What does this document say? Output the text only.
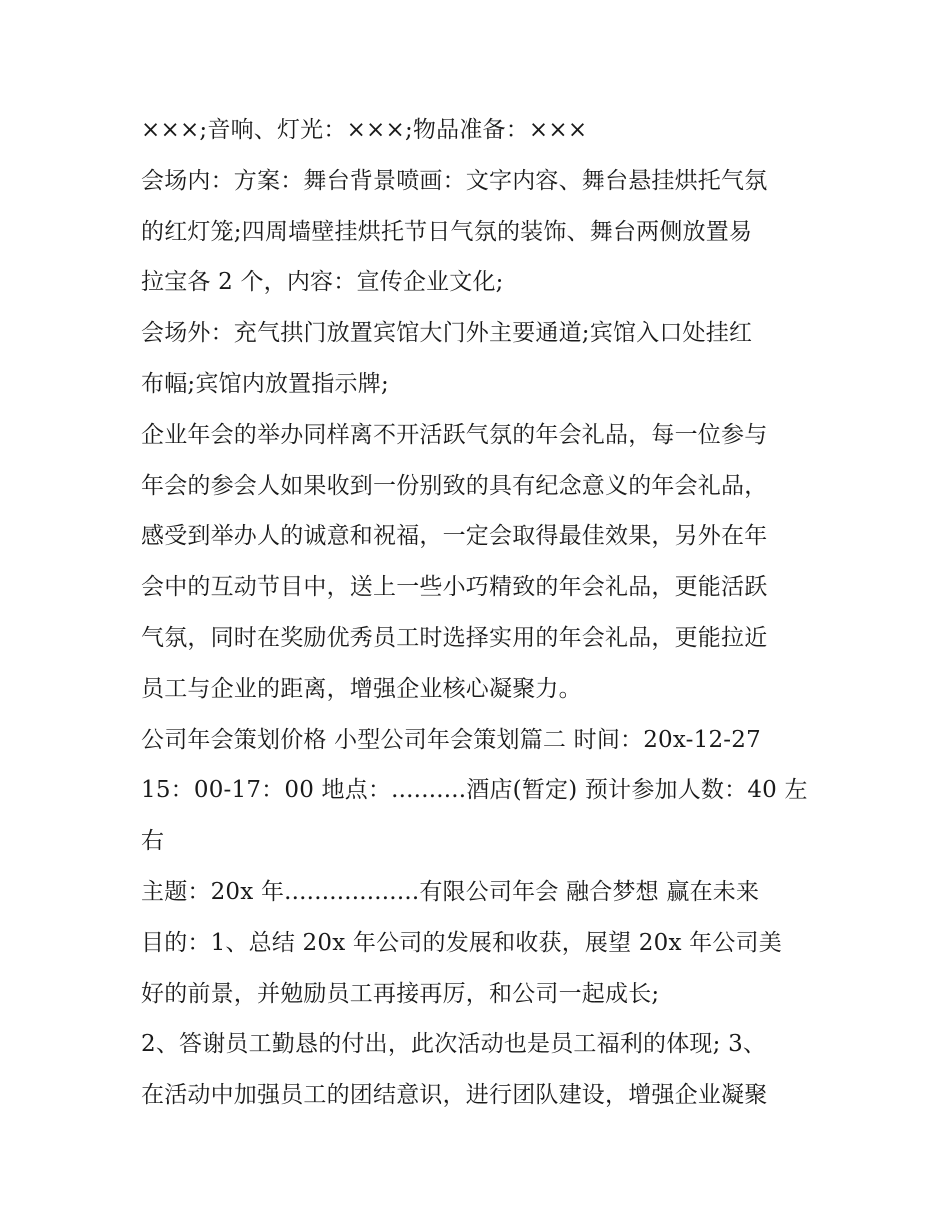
×××;音响、灯光：×××;物品准备：×××
会场内：方案：舞台背景喷画：文字内容、舞台悬挂烘托气氛
的红灯笼;四周墙壁挂烘托节日气氛的装饰、舞台两侧放置易
拉宝各 2 个，内容：宣传企业文化;
会场外：充气拱门放置宾馆大门外主要通道;宾馆入口处挂红
布幅;宾馆内放置指示牌;
企业年会的举办同样离不开活跃气氛的年会礼品，每一位参与
年会的参会人如果收到一份别致的具有纪念意义的年会礼品，
感受到举办人的诚意和祝福，一定会取得最佳效果，另外在年
会中的互动节目中，送上一些小巧精致的年会礼品，更能活跃
气氛，同时在奖励优秀员工时选择实用的年会礼品，更能拉近
员工与企业的距离，增强企业核心凝聚力。
公司年会策划价格 小型公司年会策划篇二 时间：20x-12-27
15：00-17：00 地点：..........酒店(暂定) 预计参加人数：40 左
右
主题：20x 年..................有限公司年会 融合梦想 赢在未来
目的：1、总结 20x 年公司的发展和收获，展望 20x 年公司美
好的前景，并勉励员工再接再厉，和公司一起成长;
2、答谢员工勤恳的付出，此次活动也是员工福利的体现; 3、
在活动中加强员工的团结意识，进行团队建设，增强企业凝聚
